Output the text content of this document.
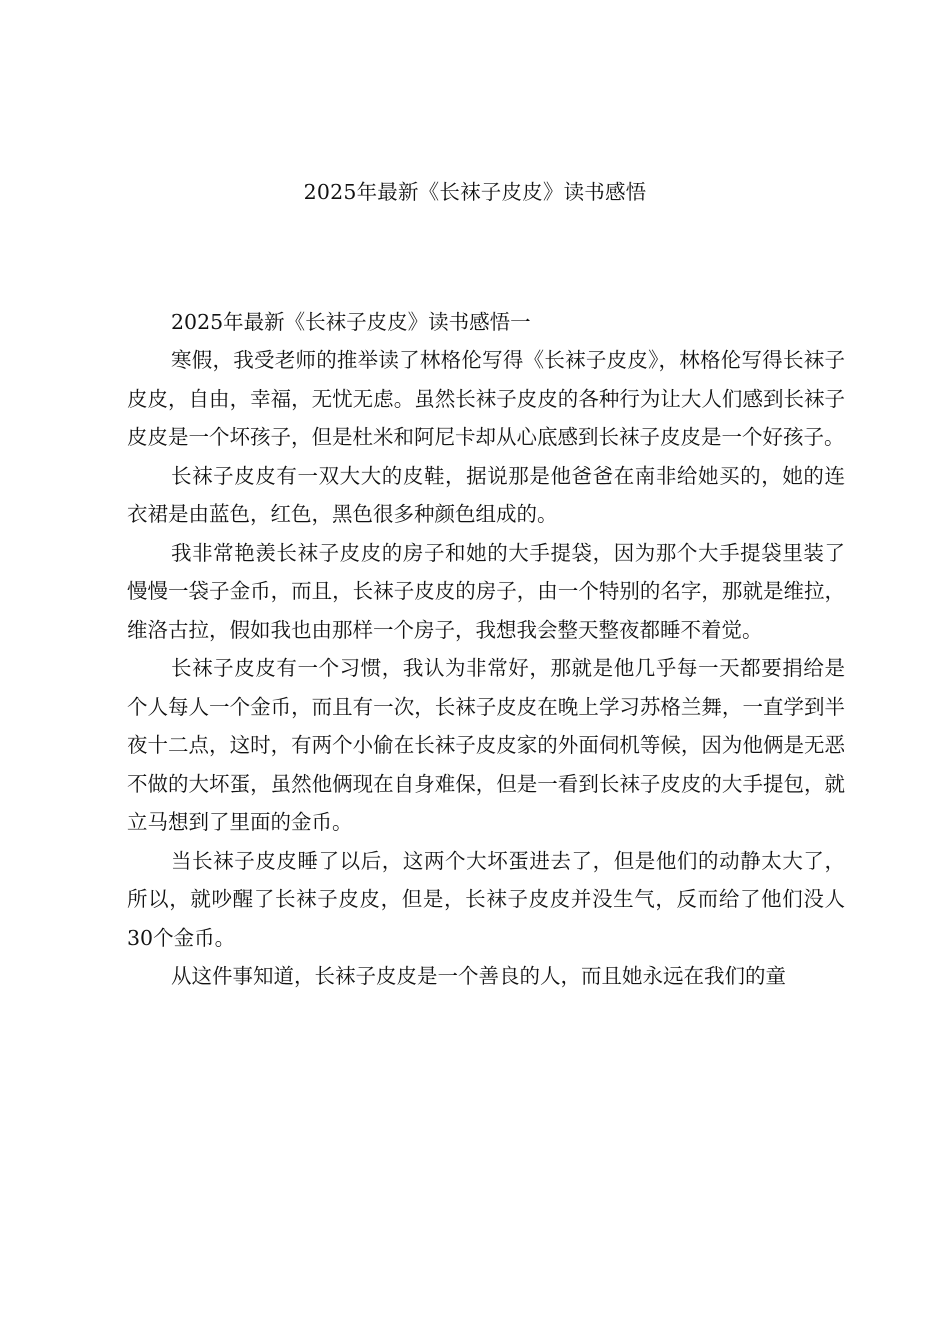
2025年最新《长袜子皮皮》读书感悟

2025年最新《长袜子皮皮》读书感悟一

寒假，我受老师的推举读了林格伦写得《长袜子皮皮》，林格伦写得长袜子皮皮，自由，幸福，无忧无虑。虽然长袜子皮皮的各种行为让大人们感到长袜子皮皮是一个坏孩子，但是杜米和阿尼卡却从心底感到长袜子皮皮是一个好孩子。

长袜子皮皮有一双大大的皮鞋，据说那是他爸爸在南非给她买的，她的连衣裙是由蓝色，红色，黑色很多种颜色组成的。

我非常艳羡长袜子皮皮的房子和她的大手提袋，因为那个大手提袋里装了慢慢一袋子金币，而且，长袜子皮皮的房子，由一个特别的名字，那就是维拉，维洛古拉，假如我也由那样一个房子，我想我会整天整夜都睡不着觉。

长袜子皮皮有一个习惯，我认为非常好，那就是他几乎每一天都要捐给是个人每人一个金币，而且有一次，长袜子皮皮在晚上学习苏格兰舞，一直学到半夜十二点，这时，有两个小偷在长袜子皮皮家的外面伺机等候，因为他俩是无恶不做的大坏蛋，虽然他俩现在自身难保，但是一看到长袜子皮皮的大手提包，就立马想到了里面的金币。

当长袜子皮皮睡了以后，这两个大坏蛋进去了，但是他们的动静太大了，所以，就吵醒了长袜子皮皮，但是，长袜子皮皮并没生气，反而给了他们没人30个金币。

从这件事知道，长袜子皮皮是一个善良的人，而且她永远在我们的童
